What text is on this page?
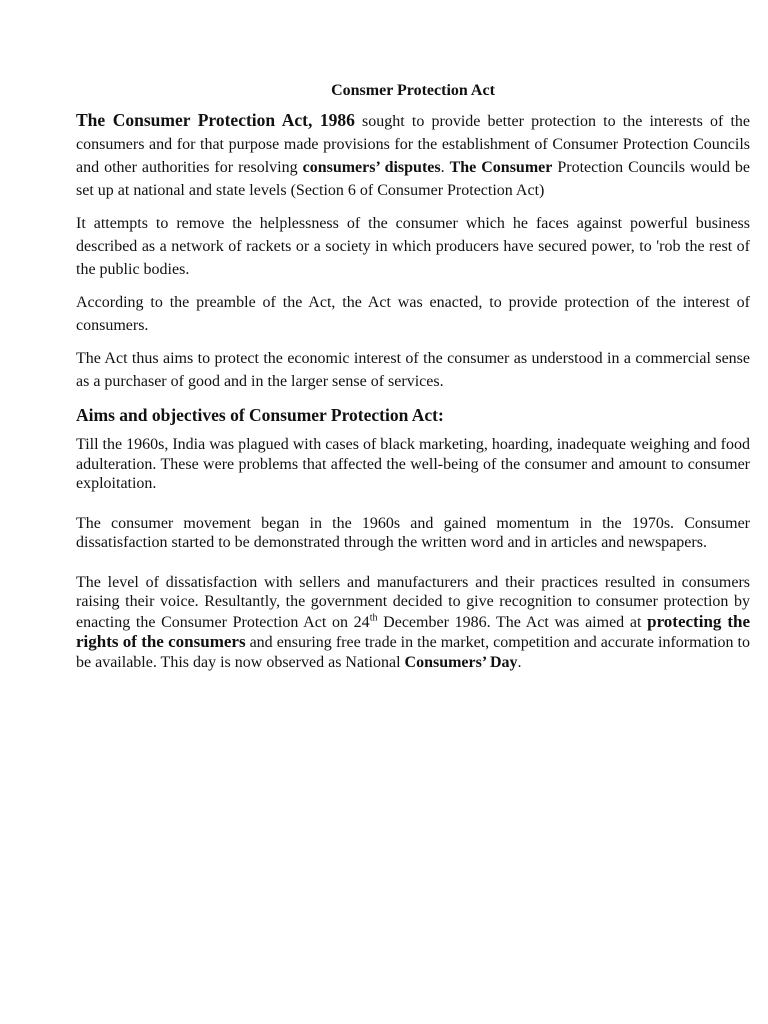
Consmer Protection Act

The Consumer Protection Act, 1986 sought to provide better protection to the interests of the consumers and for that purpose made provisions for the establishment of Consumer Protection Councils and other authorities for resolving consumers’ disputes. The Consumer Protection Councils would be set up at national and state levels (Section 6 of Consumer Protection Act)

It attempts to remove the helplessness of the consumer which he faces against powerful business described as a network of rackets or a society in which producers have secured power, to 'rob the rest of the public bodies.

According to the preamble of the Act, the Act was enacted, to provide protection of the interest of consumers.

The Act thus aims to protect the economic interest of the consumer as understood in a commercial sense as a purchaser of good and in the larger sense of services.

Aims and objectives of Consumer Protection Act:

Till the 1960s, India was plagued with cases of black marketing, hoarding, inadequate weighing and food adulteration. These were problems that affected the well-being of the consumer and amount to consumer exploitation.

The consumer movement began in the 1960s and gained momentum in the 1970s. Consumer dissatisfaction started to be demonstrated through the written word and in articles and newspapers.

The level of dissatisfaction with sellers and manufacturers and their practices resulted in consumers raising their voice. Resultantly, the government decided to give recognition to consumer protection by enacting the Consumer Protection Act on 24th December 1986. The Act was aimed at protecting the rights of the consumers and ensuring free trade in the market, competition and accurate information to be available. This day is now observed as National Consumers’ Day.
